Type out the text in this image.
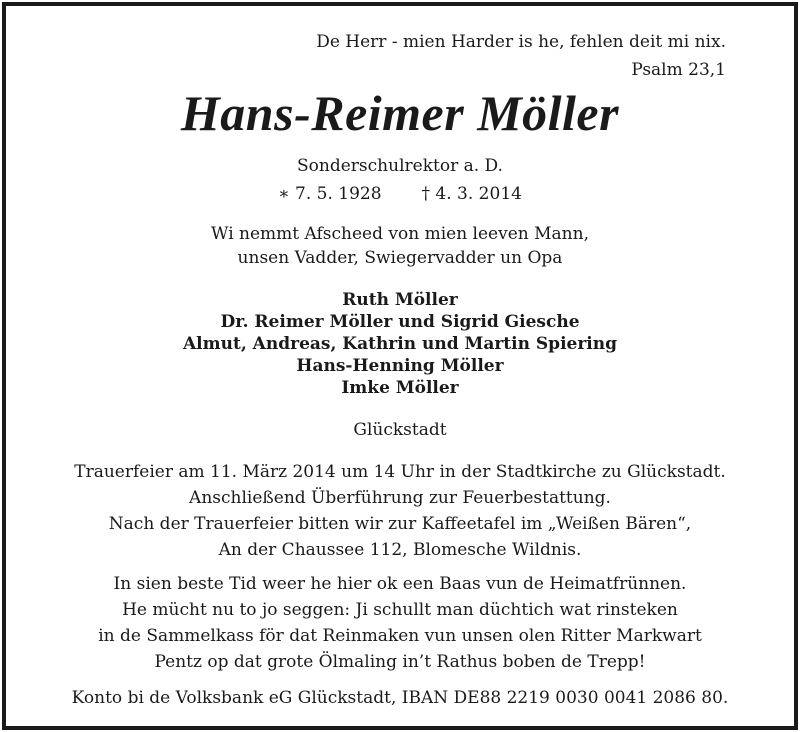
De Herr - mien Harder is he, fehlen deit mi nix.
Psalm 23,1
Hans-Reimer Möller
Sonderschulrektor a. D.
∗ 7. 5. 1928 † 4. 3. 2014
Wi nemmt Afscheed von mien leeven Mann,
unsen Vadder, Swiegervadder un Opa
Ruth Möller
Dr. Reimer Möller und Sigrid Giesche
Almut, Andreas, Kathrin und Martin Spiering
Hans-Henning Möller
Imke Möller
Glückstadt
Trauerfeier am 11. März 2014 um 14 Uhr in der Stadtkirche zu Glückstadt.
Anschließend Überführung zur Feuerbestattung.
Nach der Trauerfeier bitten wir zur Kaffeetafel im „Weißen Bären“,
An der Chaussee 112, Blomesche Wildnis.
In sien beste Tid weer he hier ok een Baas vun de Heimatfrünnen.
He mücht nu to jo seggen: Ji schullt man düchtich wat rinsteken
in de Sammelkass för dat Reinmaken vun unsen olen Ritter Markwart
Pentz op dat grote Ölmaling in’t Rathus boben de Trepp!
Konto bi de Volksbank eG Glückstadt, IBAN DE88 2219 0030 0041 2086 80.
